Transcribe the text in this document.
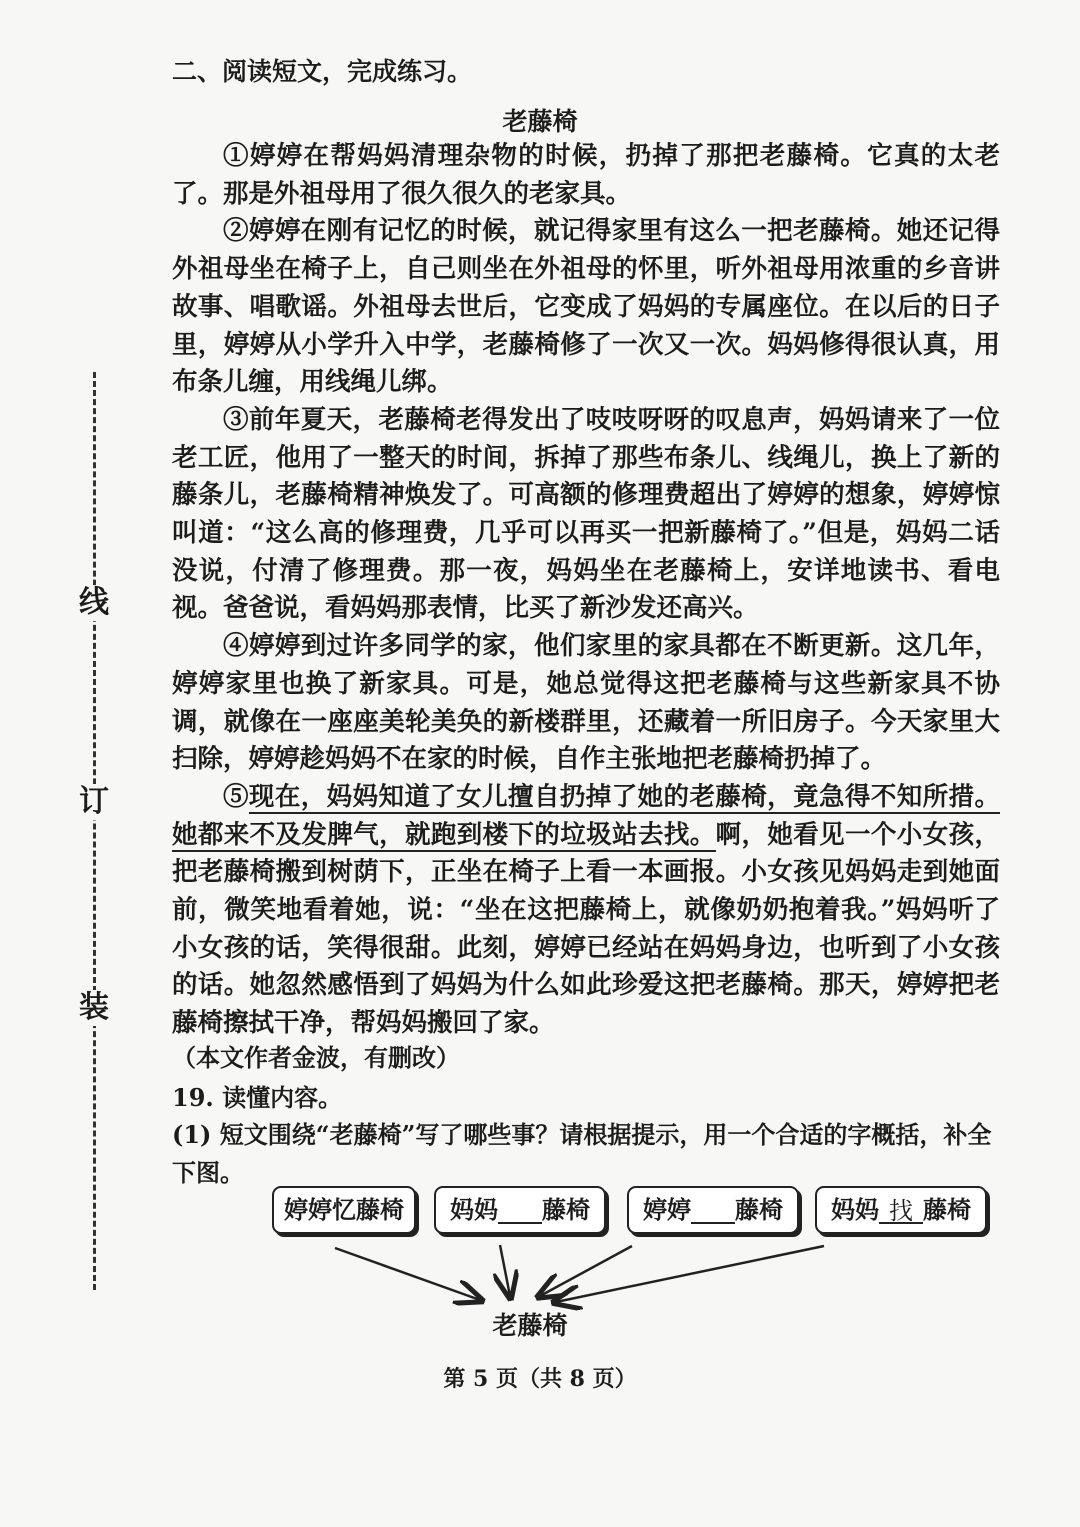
线
订
装
二、阅读短文，完成练习。
老藤椅

①婷婷在帮妈妈清理杂物的时候，扔掉了那把老藤椅。它真的太老了。那是外祖母用了很久很久的老家具。

②婷婷在刚有记忆的时候，就记得家里有这么一把老藤椅。她还记得外祖母坐在椅子上，自己则坐在外祖母的怀里，听外祖母用浓重的乡音讲故事、唱歌谣。外祖母去世后，它变成了妈妈的专属座位。在以后的日子里，婷婷从小学升入中学，老藤椅修了一次又一次。妈妈修得很认真，用布条儿缠，用线绳儿绑。

③前年夏天，老藤椅老得发出了吱吱呀呀的叹息声，妈妈请来了一位老工匠，他用了一整天的时间，拆掉了那些布条儿、线绳儿，换上了新的藤条儿，老藤椅精神焕发了。可高额的修理费超出了婷婷的想象，婷婷惊叫道：“这么高的修理费，几乎可以再买一把新藤椅了。”但是，妈妈二话没说，付清了修理费。那一夜，妈妈坐在老藤椅上，安详地读书、看电视。爸爸说，看妈妈那表情，比买了新沙发还高兴。

④婷婷到过许多同学的家，他们家里的家具都在不断更新。这几年，婷婷家里也换了新家具。可是，她总觉得这把老藤椅与这些新家具不协调，就像在一座座美轮美奂的新楼群里，还藏着一所旧房子。今天家里大扫除，婷婷趁妈妈不在家的时候，自作主张地把老藤椅扔掉了。

⑤现在，妈妈知道了女儿擅自扔掉了她的老藤椅，竟急得不知所措。她都来不及发脾气，就跑到楼下的垃圾站去找。啊，她看见一个小女孩，把老藤椅搬到树荫下，正坐在椅子上看一本画报。小女孩见妈妈走到她面前，微笑地看着她，说：“坐在这把藤椅上，就像奶奶抱着我。”妈妈听了小女孩的话，笑得很甜。此刻，婷婷已经站在妈妈身边，也听到了小女孩的话。她忽然感悟到了妈妈为什么如此珍爱这把老藤椅。那天，婷婷把老藤椅擦拭干净，帮妈妈搬回了家。

（本文作者金波，有删改）
19. 读懂内容。
(1) 短文围绕“老藤椅”写了哪些事？请根据提示，用一个合适的字概括，补全下图。
婷婷忆藤椅	妈妈 藤椅	婷婷 藤椅	妈妈 找 藤椅
老藤椅
第 5 页（共 8 页）
